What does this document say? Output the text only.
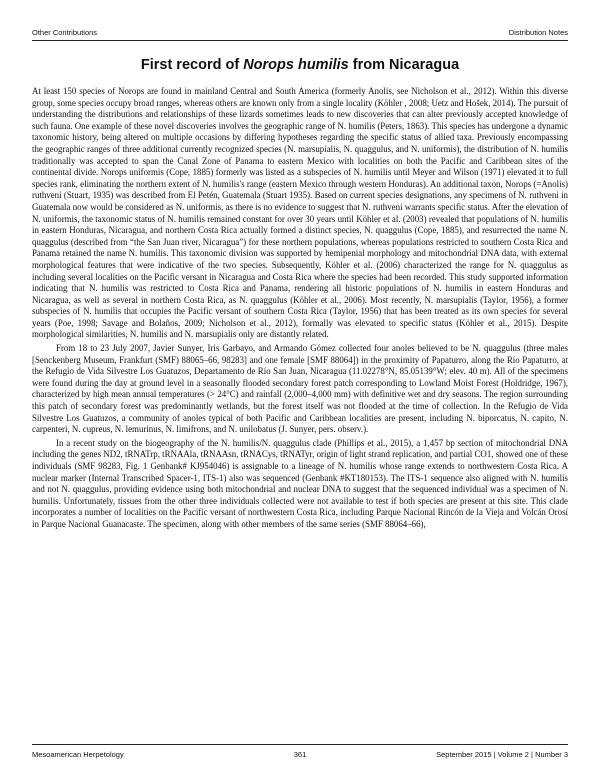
Other Contributions	Distribution Notes
First record of Norops humilis from Nicaragua

At least 150 species of Norops are found in mainland Central and South America (formerly Anolis, see Nicholson et al., 2012). Within this diverse group, some species occupy broad ranges, whereas others are known only from a single locality (Köhler , 2008; Uetz and Hošek, 2014). The pursuit of understanding the distributions and relationships of these lizards sometimes leads to new discoveries that can alter previously accepted knowledge of such fauna. One example of these novel discoveries involves the geographic range of N. humilis (Peters, 1863). This species has undergone a dynamic taxonomic history, being altered on multiple occasions by differing hypotheses regarding the specific status of allied taxa. Previously encompassing the geographic ranges of three additional currently recognized species (N. marsupialis, N. quaggulus, and N. uniformis), the distribution of N. humilis traditionally was accepted to span the Canal Zone of Panama to eastern Mexico with localities on both the Pacific and Caribbean sites of the continental divide. Norops uniformis (Cope, 1885) formerly was listed as a subspecies of N. humilis until Meyer and Wilson (1971) elevated it to full species rank, eliminating the northern extent of N. humilis's range (eastern Mexico through western Honduras). An additional taxon, Norops (=Anolis) ruthveni (Stuart, 1935) was described from El Petén, Guatemala (Stuart 1935). Based on current species designations, any specimens of N. ruthveni in Guatemala now would be considered as N. uniformis, as there is no evidence to suggest that N. ruthveni warrants specific status. After the elevation of N. uniformis, the taxonomic status of N. humilis remained constant for over 30 years until Köhler et al. (2003) revealed that populations of N. humilis in eastern Honduras, Nicaragua, and northern Costa Rica actually formed a distinct species, N. quaggulus (Cope, 1885), and resurrected the name N. quaggulus (described from “the San Juan river, Nicaragua”) for these northern populations, whereas populations restricted to southern Costa Rica and Panama retained the name N. humilis. This taxonomic division was supported by hemipenial morphology and mitochondrial DNA data, with external morphological features that were indicative of the two species. Subsequently, Köhler et al. (2006) characterized the range for N. quaggulus as including several localities on the Pacific versant in Nicaragua and Costa Rica where the species had been recorded. This study supported information indicating that N. humilis was restricted to Costa Rica and Panama, rendering all historic populations of N. humilis in eastern Honduras and Nicaragua, as well as several in northern Costa Rica, as N. quaggulus (Köhler et al., 2006). Most recently, N. marsupialis (Taylor, 1956), a former subspecies of N. humilis that occupies the Pacific versant of southern Costa Rica (Taylor, 1956) that has been treated as its own species for several years (Poe, 1998; Savage and Bolaños, 2009; Nicholson et al., 2012), formally was elevated to specific status (Köhler et al., 2015). Despite morphological similarities, N. humilis and N. marsupialis only are distantly related.

From 18 to 23 July 2007, Javier Sunyer, Iris Garbayo, and Armando Gómez collected four anoles believed to be N. quaggulus (three males [Senckenberg Museum, Frankfurt (SMF) 88065–66, 98283] and one female [SMF 88064]) in the proximity of Papaturro, along the Río Papaturro, at the Refugio de Vida Silvestre Los Guatuzos, Departamento de Río San Juan, Nicaragua (11.02278°N, 85.05139°W; elev. 40 m). All of the specimens were found during the day at ground level in a seasonally flooded secondary forest patch corresponding to Lowland Moist Forest (Holdridge, 1967), characterized by high mean annual temperatures (> 24°C) and rainfall (2,000–4,000 mm) with definitive wet and dry seasons. The region surrounding this patch of secondary forest was predominantly wetlands, but the forest itself was not flooded at the time of collection. In the Refugio de Vida Silvestre Los Guatuzos, a community of anoles typical of both Pacific and Caribbean localities are present, including N. biporcatus, N. capito, N. carpenteri, N. cupreus, N. lemurinus, N. limifrons, and N. unilobatus (J. Sunyer, pers. observ.).

In a recent study on the biogeography of the N. humilis/N. quaggulus clade (Phillips et al., 2015), a 1,457 bp section of mitochondrial DNA including the genes ND2, tRNATrp, tRNAAla, tRNAAsn, tRNACys, tRNATyr, origin of light strand replication, and partial CO1, showed one of these individuals (SMF 98283, Fig. 1 Genbank# KJ954046) is assignable to a lineage of N. humilis whose range extends to northwestern Costa Rica. A nuclear marker (Internal Transcribed Spacer-1, ITS-1) also was sequenced (Genbank #KT180153). The ITS-1 sequence also aligned with N. humilis and not N. quaggulus, providing evidence using both mitochondrial and nuclear DNA to suggest that the sequenced individual was a specimen of N. humilis. Unfortunately, tissues from the other three individuals collected were not available to test if both species are present at this site. This clade incorporates a number of localities on the Pacific versant of northwestern Costa Rica, including Parque Nacional Rincón de la Vieja and Volcán Orosí in Parque Nacional Guanacaste. The specimen, along with other members of the same series (SMF 88064–66),

Mesoamerican Herpetology	361	September 2015 | Volume 2 | Number 3
